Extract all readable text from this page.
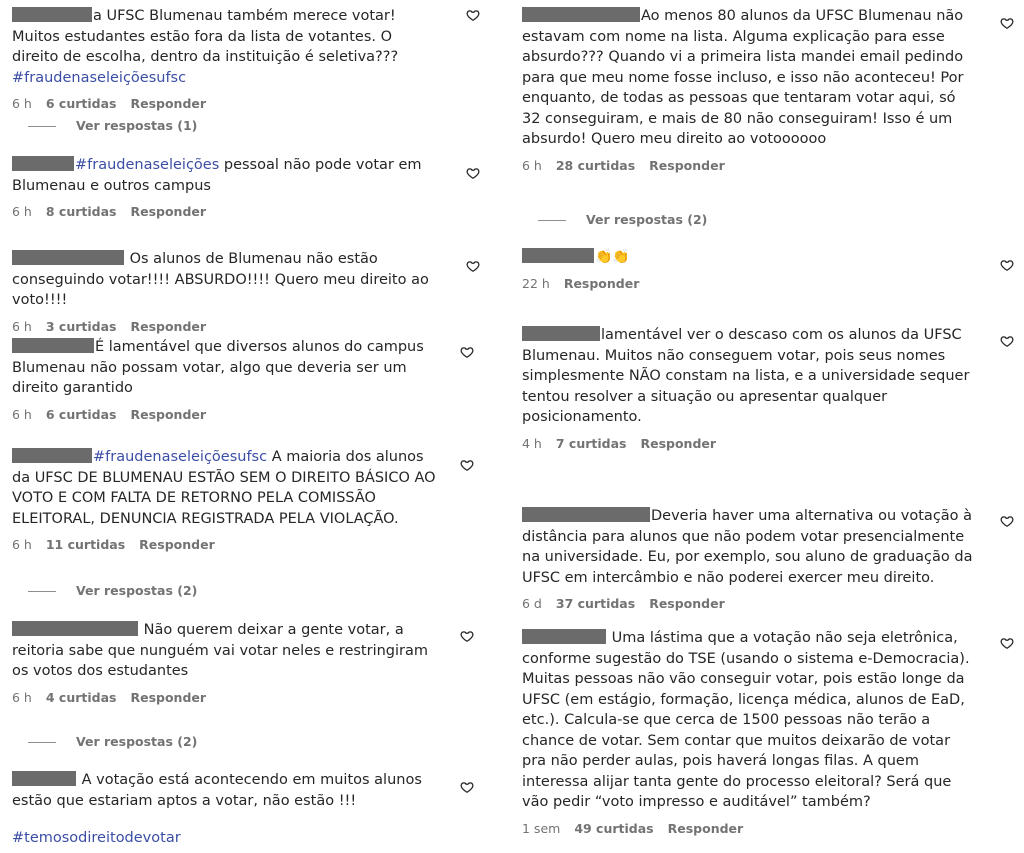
a UFSC Blumenau também merece votar! Muitos estudantes estão fora da lista de votantes. O direito de escolha, dentro da instituição é seletiva??? #fraudenaseleiçõesufsc
6 h 6 curtidas Responder
Ver respostas (1)
#fraudenaseleições pessoal não pode votar em Blumenau e outros campus
6 h 8 curtidas Responder
Os alunos de Blumenau não estão conseguindo votar!!!! ABSURDO!!!! Quero meu direito ao voto!!!!
6 h 3 curtidas Responder
É lamentável que diversos alunos do campus Blumenau não possam votar, algo que deveria ser um direito garantido
6 h 6 curtidas Responder
#fraudenaseleiçõesufsc A maioria dos alunos da UFSC DE BLUMENAU ESTÃO SEM O DIREITO BÁSICO AO VOTO E COM FALTA DE RETORNO PELA COMISSÃO ELEITORAL, DENUNCIA REGISTRADA PELA VIOLAÇÃO.
6 h 11 curtidas Responder
Ver respostas (2)
Não querem deixar a gente votar, a reitoria sabe que nunguém vai votar neles e restringiram os votos dos estudantes
6 h 4 curtidas Responder
Ver respostas (2)
A votação está acontecendo em muitos alunos estão que estariam aptos a votar, não estão !!!
#temosodireitodevotar
Ao menos 80 alunos da UFSC Blumenau não estavam com nome na lista. Alguma explicação para esse absurdo??? Quando vi a primeira lista mandei email pedindo para que meu nome fosse incluso, e isso não aconteceu! Por enquanto, de todas as pessoas que tentaram votar aqui, só 32 conseguiram, e mais de 80 não conseguiram! Isso é um absurdo! Quero meu direito ao votoooooo
6 h 28 curtidas Responder
Ver respostas (2)
👏👏
22 h Responder
lamentável ver o descaso com os alunos da UFSC Blumenau. Muitos não conseguem votar, pois seus nomes simplesmente NÃO constam na lista, e a universidade sequer tentou resolver a situação ou apresentar qualquer posicionamento.
4 h 7 curtidas Responder
Deveria haver uma alternativa ou votação à distância para alunos que não podem votar presencialmente na universidade. Eu, por exemplo, sou aluno de graduação da UFSC em intercâmbio e não poderei exercer meu direito.
6 d 37 curtidas Responder
Uma lástima que a votação não seja eletrônica, conforme sugestão do TSE (usando o sistema e-Democracia). Muitas pessoas não vão conseguir votar, pois estão longe da UFSC (em estágio, formação, licença médica, alunos de EaD, etc.). Calcula-se que cerca de 1500 pessoas não terão a chance de votar. Sem contar que muitos deixarão de votar pra não perder aulas, pois haverá longas filas. A quem interessa alijar tanta gente do processo eleitoral? Será que vão pedir “voto impresso e auditável” também?
1 sem 49 curtidas Responder
